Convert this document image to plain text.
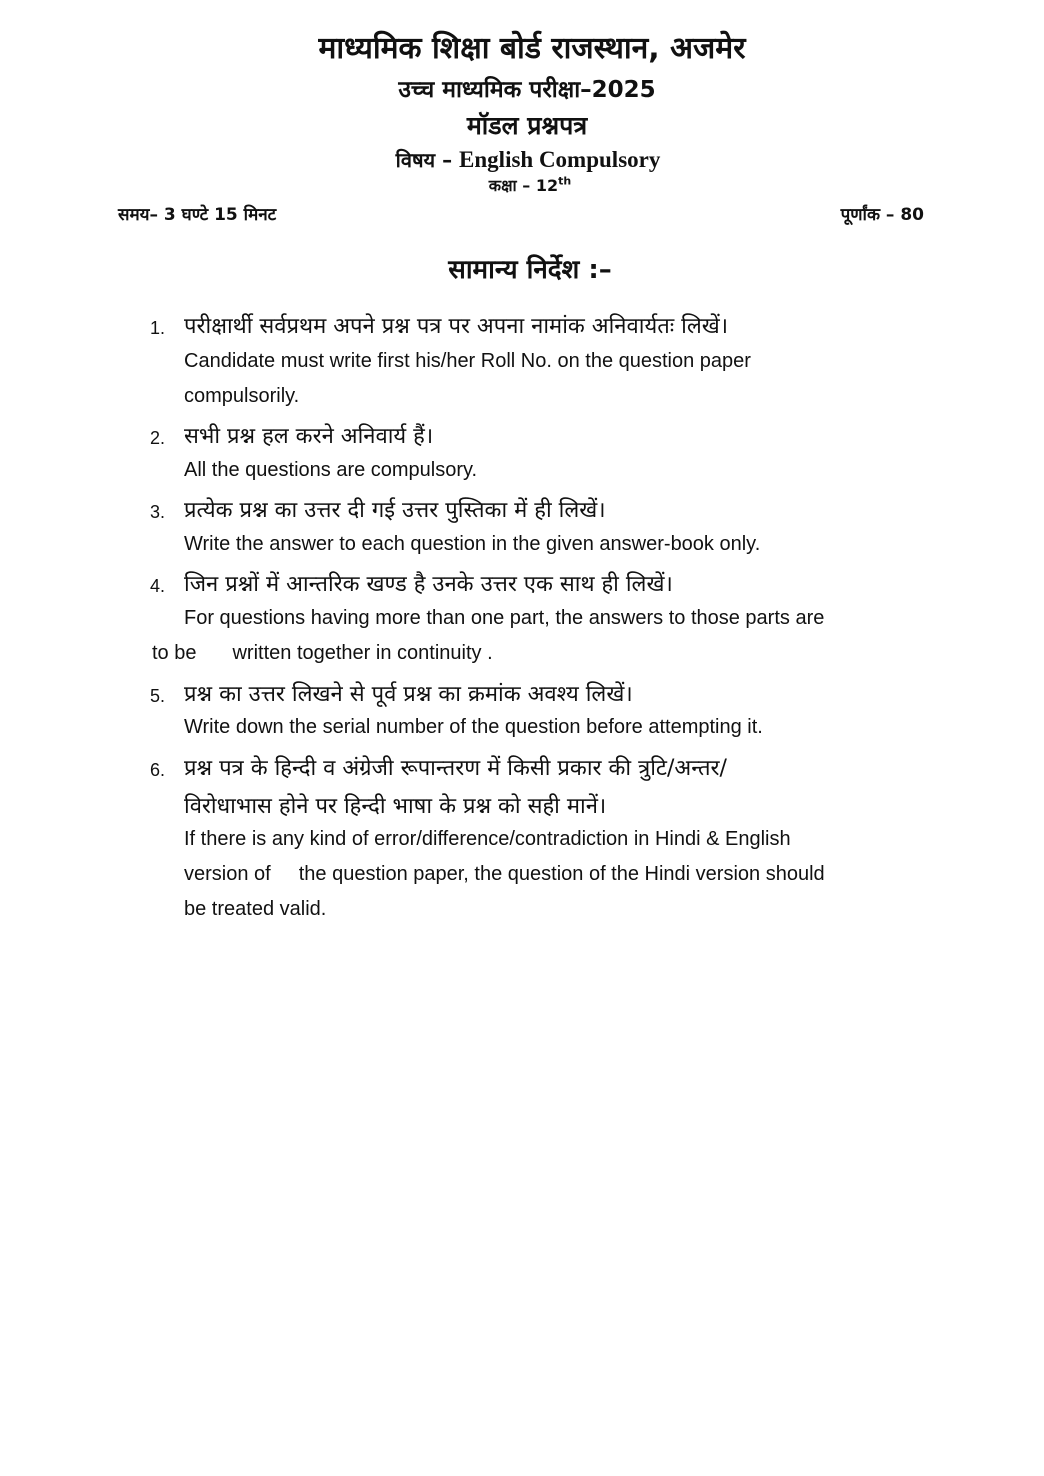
माध्यमिक शिक्षा बोर्ड राजस्थान, अजमेर
उच्च माध्यमिक परीक्षा–2025
मॉडल प्रश्नपत्र
विषय – English Compulsory
कक्षा – 12th
समय– 3 घण्टे 15 मिनट	पूर्णांक – 80
सामान्य निर्देश :–
1. परीक्षार्थी सर्वप्रथम अपने प्रश्न पत्र पर अपना नामांक अनिवार्यतः लिखें।
Candidate must write first his/her Roll No. on the question paper
compulsorily.
2. सभी प्रश्न हल करने अनिवार्य हैं।
All the questions are compulsory.
3. प्रत्येक प्रश्न का उत्तर दी गई उत्तर पुस्तिका में ही लिखें।
Write the answer to each question in the given answer-book only.
4. जिन प्रश्नों में आन्तरिक खण्ड है उनके उत्तर एक साथ ही लिखें।
For questions having more than one part, the answers to those parts are
to be written together in continuity .
5. प्रश्न का उत्तर लिखने से पूर्व प्रश्न का क्रमांक अवश्य लिखें।
Write down the serial number of the question before attempting it.
6. प्रश्न पत्र के हिन्दी व अंग्रेजी रूपान्तरण में किसी प्रकार की त्रुटि/अन्तर/
विरोधाभास होने पर हिन्दी भाषा के प्रश्न को सही मानें।
If there is any kind of error/difference/contradiction in Hindi & English
version of the question paper, the question of the Hindi version should
be treated valid.
